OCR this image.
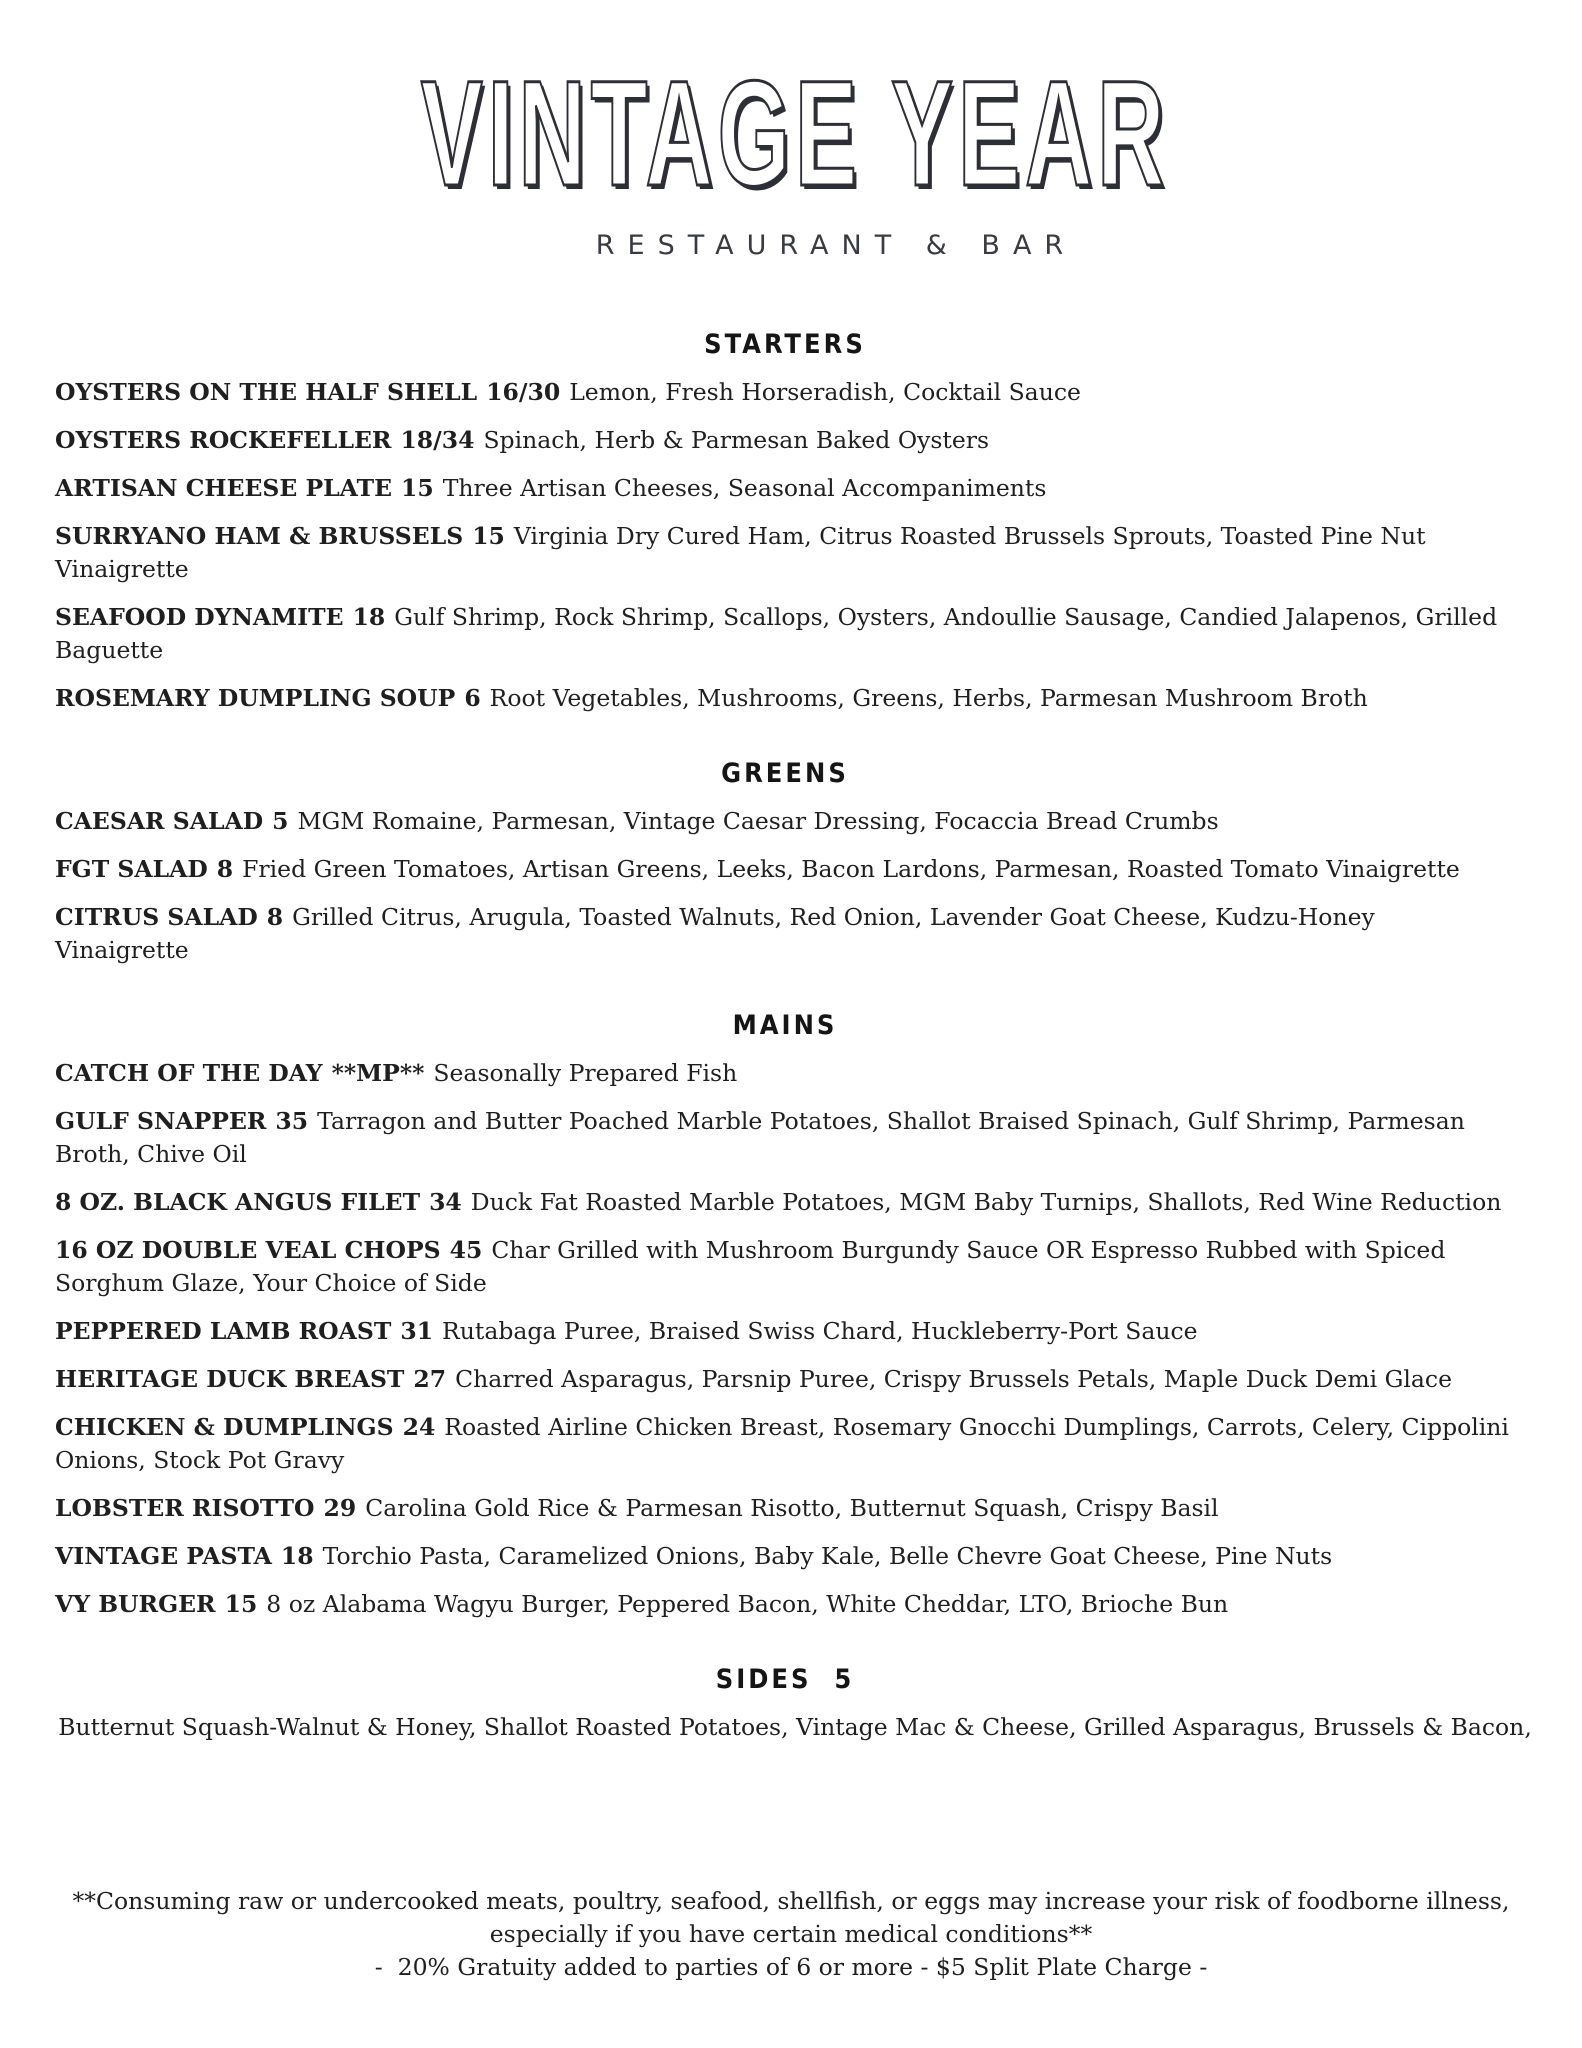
VINTAGE YEAR
RESTAURANT & BAR
STARTERS
OYSTERS ON THE HALF SHELL 16/30 Lemon, Fresh Horseradish, Cocktail Sauce
OYSTERS ROCKEFELLER 18/34 Spinach, Herb & Parmesan Baked Oysters
ARTISAN CHEESE PLATE 15 Three Artisan Cheeses, Seasonal Accompaniments
SURRYANO HAM & BRUSSELS 15 Virginia Dry Cured Ham, Citrus Roasted Brussels Sprouts, Toasted Pine Nut Vinaigrette
SEAFOOD DYNAMITE 18 Gulf Shrimp, Rock Shrimp, Scallops, Oysters, Andoullie Sausage, Candied Jalapenos, Grilled Baguette
ROSEMARY DUMPLING SOUP 6 Root Vegetables, Mushrooms, Greens, Herbs, Parmesan Mushroom Broth
GREENS
CAESAR SALAD 5 MGM Romaine, Parmesan, Vintage Caesar Dressing, Focaccia Bread Crumbs
FGT SALAD 8 Fried Green Tomatoes, Artisan Greens, Leeks, Bacon Lardons, Parmesan, Roasted Tomato Vinaigrette
CITRUS SALAD 8 Grilled Citrus, Arugula, Toasted Walnuts, Red Onion, Lavender Goat Cheese, Kudzu-Honey Vinaigrette
MAINS
CATCH OF THE DAY **MP** Seasonally Prepared Fish
GULF SNAPPER 35 Tarragon and Butter Poached Marble Potatoes, Shallot Braised Spinach, Gulf Shrimp, Parmesan Broth, Chive Oil
8 OZ. BLACK ANGUS FILET 34 Duck Fat Roasted Marble Potatoes, MGM Baby Turnips, Shallots, Red Wine Reduction
16 OZ DOUBLE VEAL CHOPS 45 Char Grilled with Mushroom Burgundy Sauce OR Espresso Rubbed with Spiced Sorghum Glaze, Your Choice of Side
PEPPERED LAMB ROAST 31 Rutabaga Puree, Braised Swiss Chard, Huckleberry-Port Sauce
HERITAGE DUCK BREAST 27 Charred Asparagus, Parsnip Puree, Crispy Brussels Petals, Maple Duck Demi Glace
CHICKEN & DUMPLINGS 24 Roasted Airline Chicken Breast, Rosemary Gnocchi Dumplings, Carrots, Celery, Cippolini Onions, Stock Pot Gravy
LOBSTER RISOTTO 29 Carolina Gold Rice & Parmesan Risotto, Butternut Squash, Crispy Basil
VINTAGE PASTA 18 Torchio Pasta, Caramelized Onions, Baby Kale, Belle Chevre Goat Cheese, Pine Nuts
VY BURGER 15 8 oz Alabama Wagyu Burger, Peppered Bacon, White Cheddar, LTO, Brioche Bun
SIDES  5
Butternut Squash-Walnut & Honey, Shallot Roasted Potatoes, Vintage Mac & Cheese, Grilled Asparagus, Brussels & Bacon,
**Consuming raw or undercooked meats, poultry, seafood, shellfish, or eggs may increase your risk of foodborne illness,
especially if you have certain medical conditions**
-  20% Gratuity added to parties of 6 or more - $5 Split Plate Charge -
